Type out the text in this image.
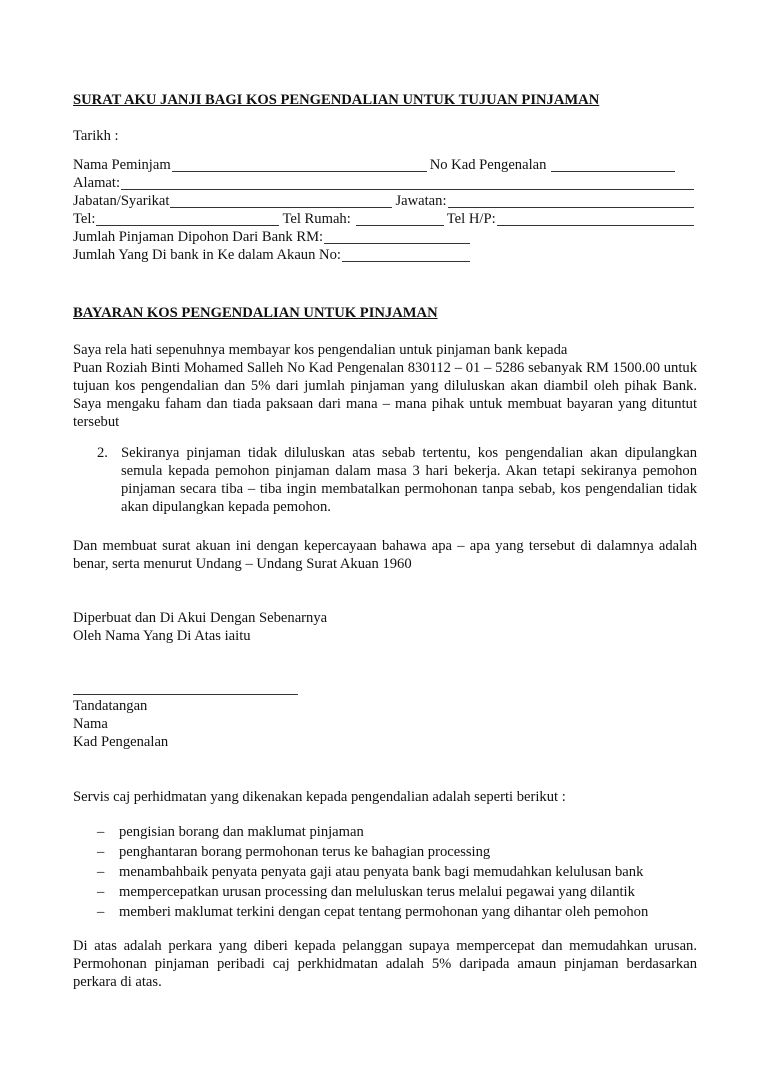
SURAT AKU JANJI BAGI KOS PENGENDALIAN UNTUK TUJUAN PINJAMAN
Tarikh :
Nama Peminjam	No Kad Pengenalan
Alamat:
Jabatan/Syarikat	Jawatan:
Tel:	Tel Rumah:	Tel H/P:
Jumlah Pinjaman Dipohon Dari Bank RM:
Jumlah Yang Di bank in Ke dalam Akaun No:
BAYARAN KOS PENGENDALIAN UNTUK PINJAMAN
Saya rela hati sepenuhnya membayar kos pengendalian untuk pinjaman bank kepada
Puan Roziah Binti Mohamed Salleh No Kad Pengenalan 830112 – 01 – 5286 sebanyak RM 1500.00 untuk tujuan kos pengendalian dan 5% dari jumlah pinjaman yang diluluskan akan diambil oleh pihak Bank. Saya mengaku faham dan tiada paksaan dari mana – mana pihak untuk membuat bayaran yang dituntut tersebut
2. Sekiranya pinjaman tidak diluluskan atas sebab tertentu, kos pengendalian akan dipulangkan semula kepada pemohon pinjaman dalam masa 3 hari bekerja. Akan tetapi sekiranya pemohon pinjaman secara tiba – tiba ingin membatalkan permohonan tanpa sebab, kos pengendalian tidak akan dipulangkan kepada pemohon.
Dan membuat surat akuan ini dengan kepercayaan bahawa apa – apa yang tersebut di dalamnya adalah benar, serta menurut Undang – Undang Surat Akuan 1960
Diperbuat dan Di Akui Dengan Sebenarnya
Oleh Nama Yang Di Atas iaitu
Tandatangan
Nama
Kad Pengenalan
Servis caj perhidmatan yang dikenakan kepada pengendalian adalah seperti berikut :
– pengisian borang dan maklumat pinjaman
– penghantaran borang permohonan terus ke bahagian processing
– menambahbaik penyata penyata gaji atau penyata bank bagi memudahkan kelulusan bank
– mempercepatkan urusan processing dan meluluskan terus melalui pegawai yang dilantik
– memberi maklumat terkini dengan cepat tentang permohonan yang dihantar oleh pemohon
Di atas adalah perkara yang diberi kepada pelanggan supaya mempercepat dan memudahkan urusan. Permohonan pinjaman peribadi caj perkhidmatan adalah 5% daripada amaun pinjaman berdasarkan perkara di atas.
